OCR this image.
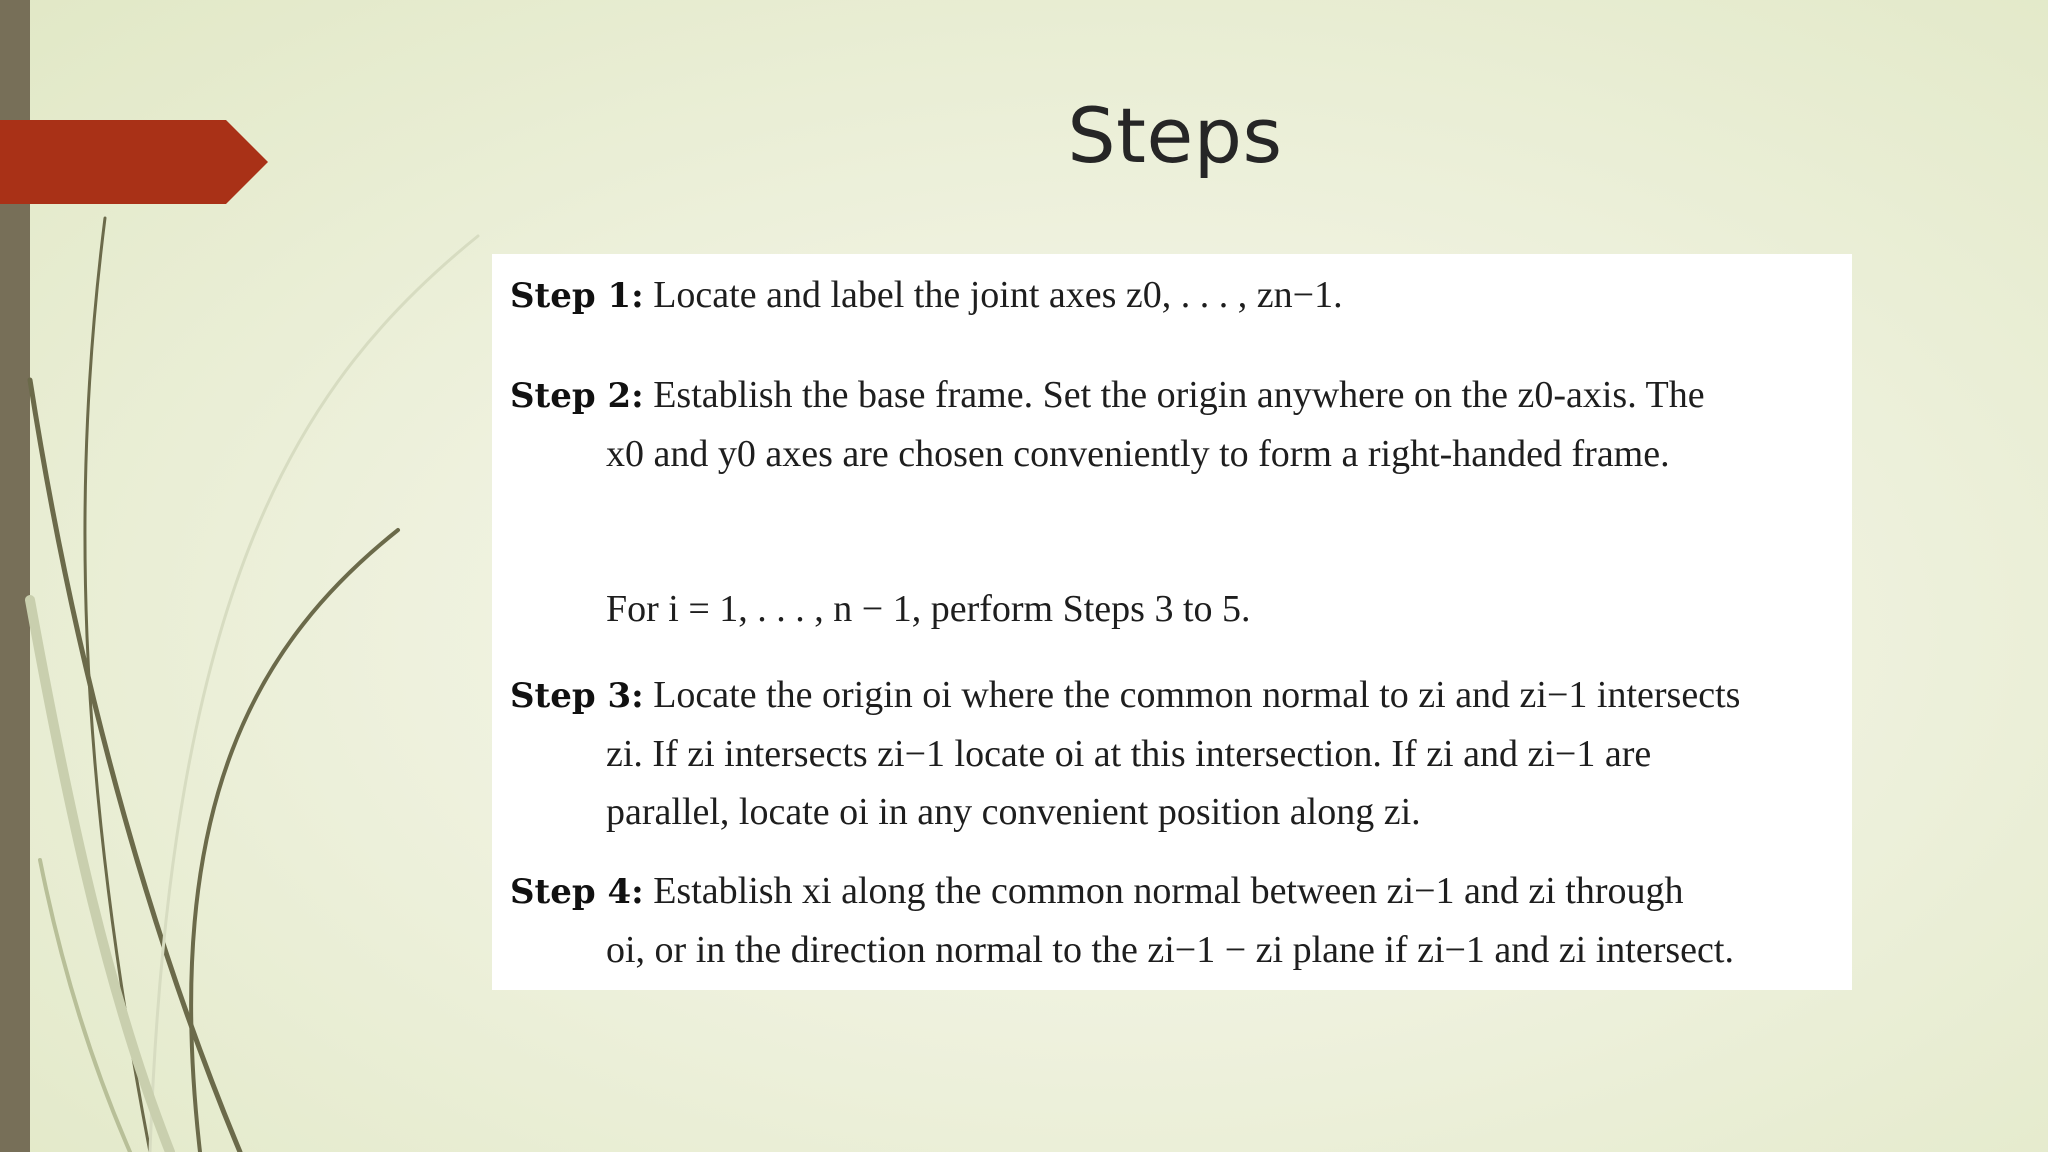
Steps
Step 1: Locate and label the joint axes z0, . . . , zn−1.
Step 2: Establish the base frame. Set the origin anywhere on the z0-axis. The
x0 and y0 axes are chosen conveniently to form a right-handed frame.
For i = 1, . . . , n − 1, perform Steps 3 to 5.
Step 3: Locate the origin oi where the common normal to zi and zi−1 intersects
zi. If zi intersects zi−1 locate oi at this intersection. If zi and zi−1 are
parallel, locate oi in any convenient position along zi.
Step 4: Establish xi along the common normal between zi−1 and zi through
oi, or in the direction normal to the zi−1 − zi plane if zi−1 and zi intersect.
